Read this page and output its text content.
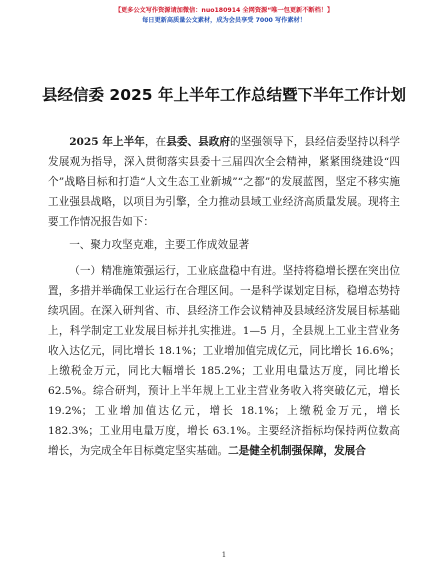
【更多公文写作资源请加微信：nuo180914 全网资源“唯一包更新不断档！】
每日更新高质量公文素材，成为会员享受 7000 写作素材！
县经信委 2025 年上半年工作总结暨下半年工作计划

2025 年上半年，在县委、县政府的坚强领导下，县经信委坚持以科学发展观为指导，深入贯彻落实县委十三届四次全会精神，紧紧围绕建设“四个”战略目标和打造“人文生态工业新城”“之都”的发展蓝图，坚定不移实施工业强县战略，以项目为引擎，全力推动县域工业经济高质量发展。现将主要工作情况报告如下：

一、聚力攻坚克难，主要工作成效显著

（一）精准施策强运行，工业底盘稳中有进。坚持将稳增长摆在突出位置，多措并举确保工业运行在合理区间。一是科学谋划定目标，稳增态势持续巩固。在深入研判省、市、县经济工作会议精神及县域经济发展目标基础上，科学制定工业发展目标并扎实推进。1—5 月，全县规上工业主营业务收入达亿元，同比增长 18.1%；工业增加值完成亿元，同比增长 16.6%；上缴税金万元，同比大幅增长 185.2%；工业用电量达万度，同比增长 62.5%。综合研判，预计上半年规上工业主营业务收入将突破亿元，增长 19.2%；工业增加值达亿元，增长 18.1%；上缴税金万元，增长 182.3%；工业用电量万度，增长 63.1%。主要经济指标均保持两位数高增长，为完成全年目标奠定坚实基础。二是健全机制强保障，发展合

1
